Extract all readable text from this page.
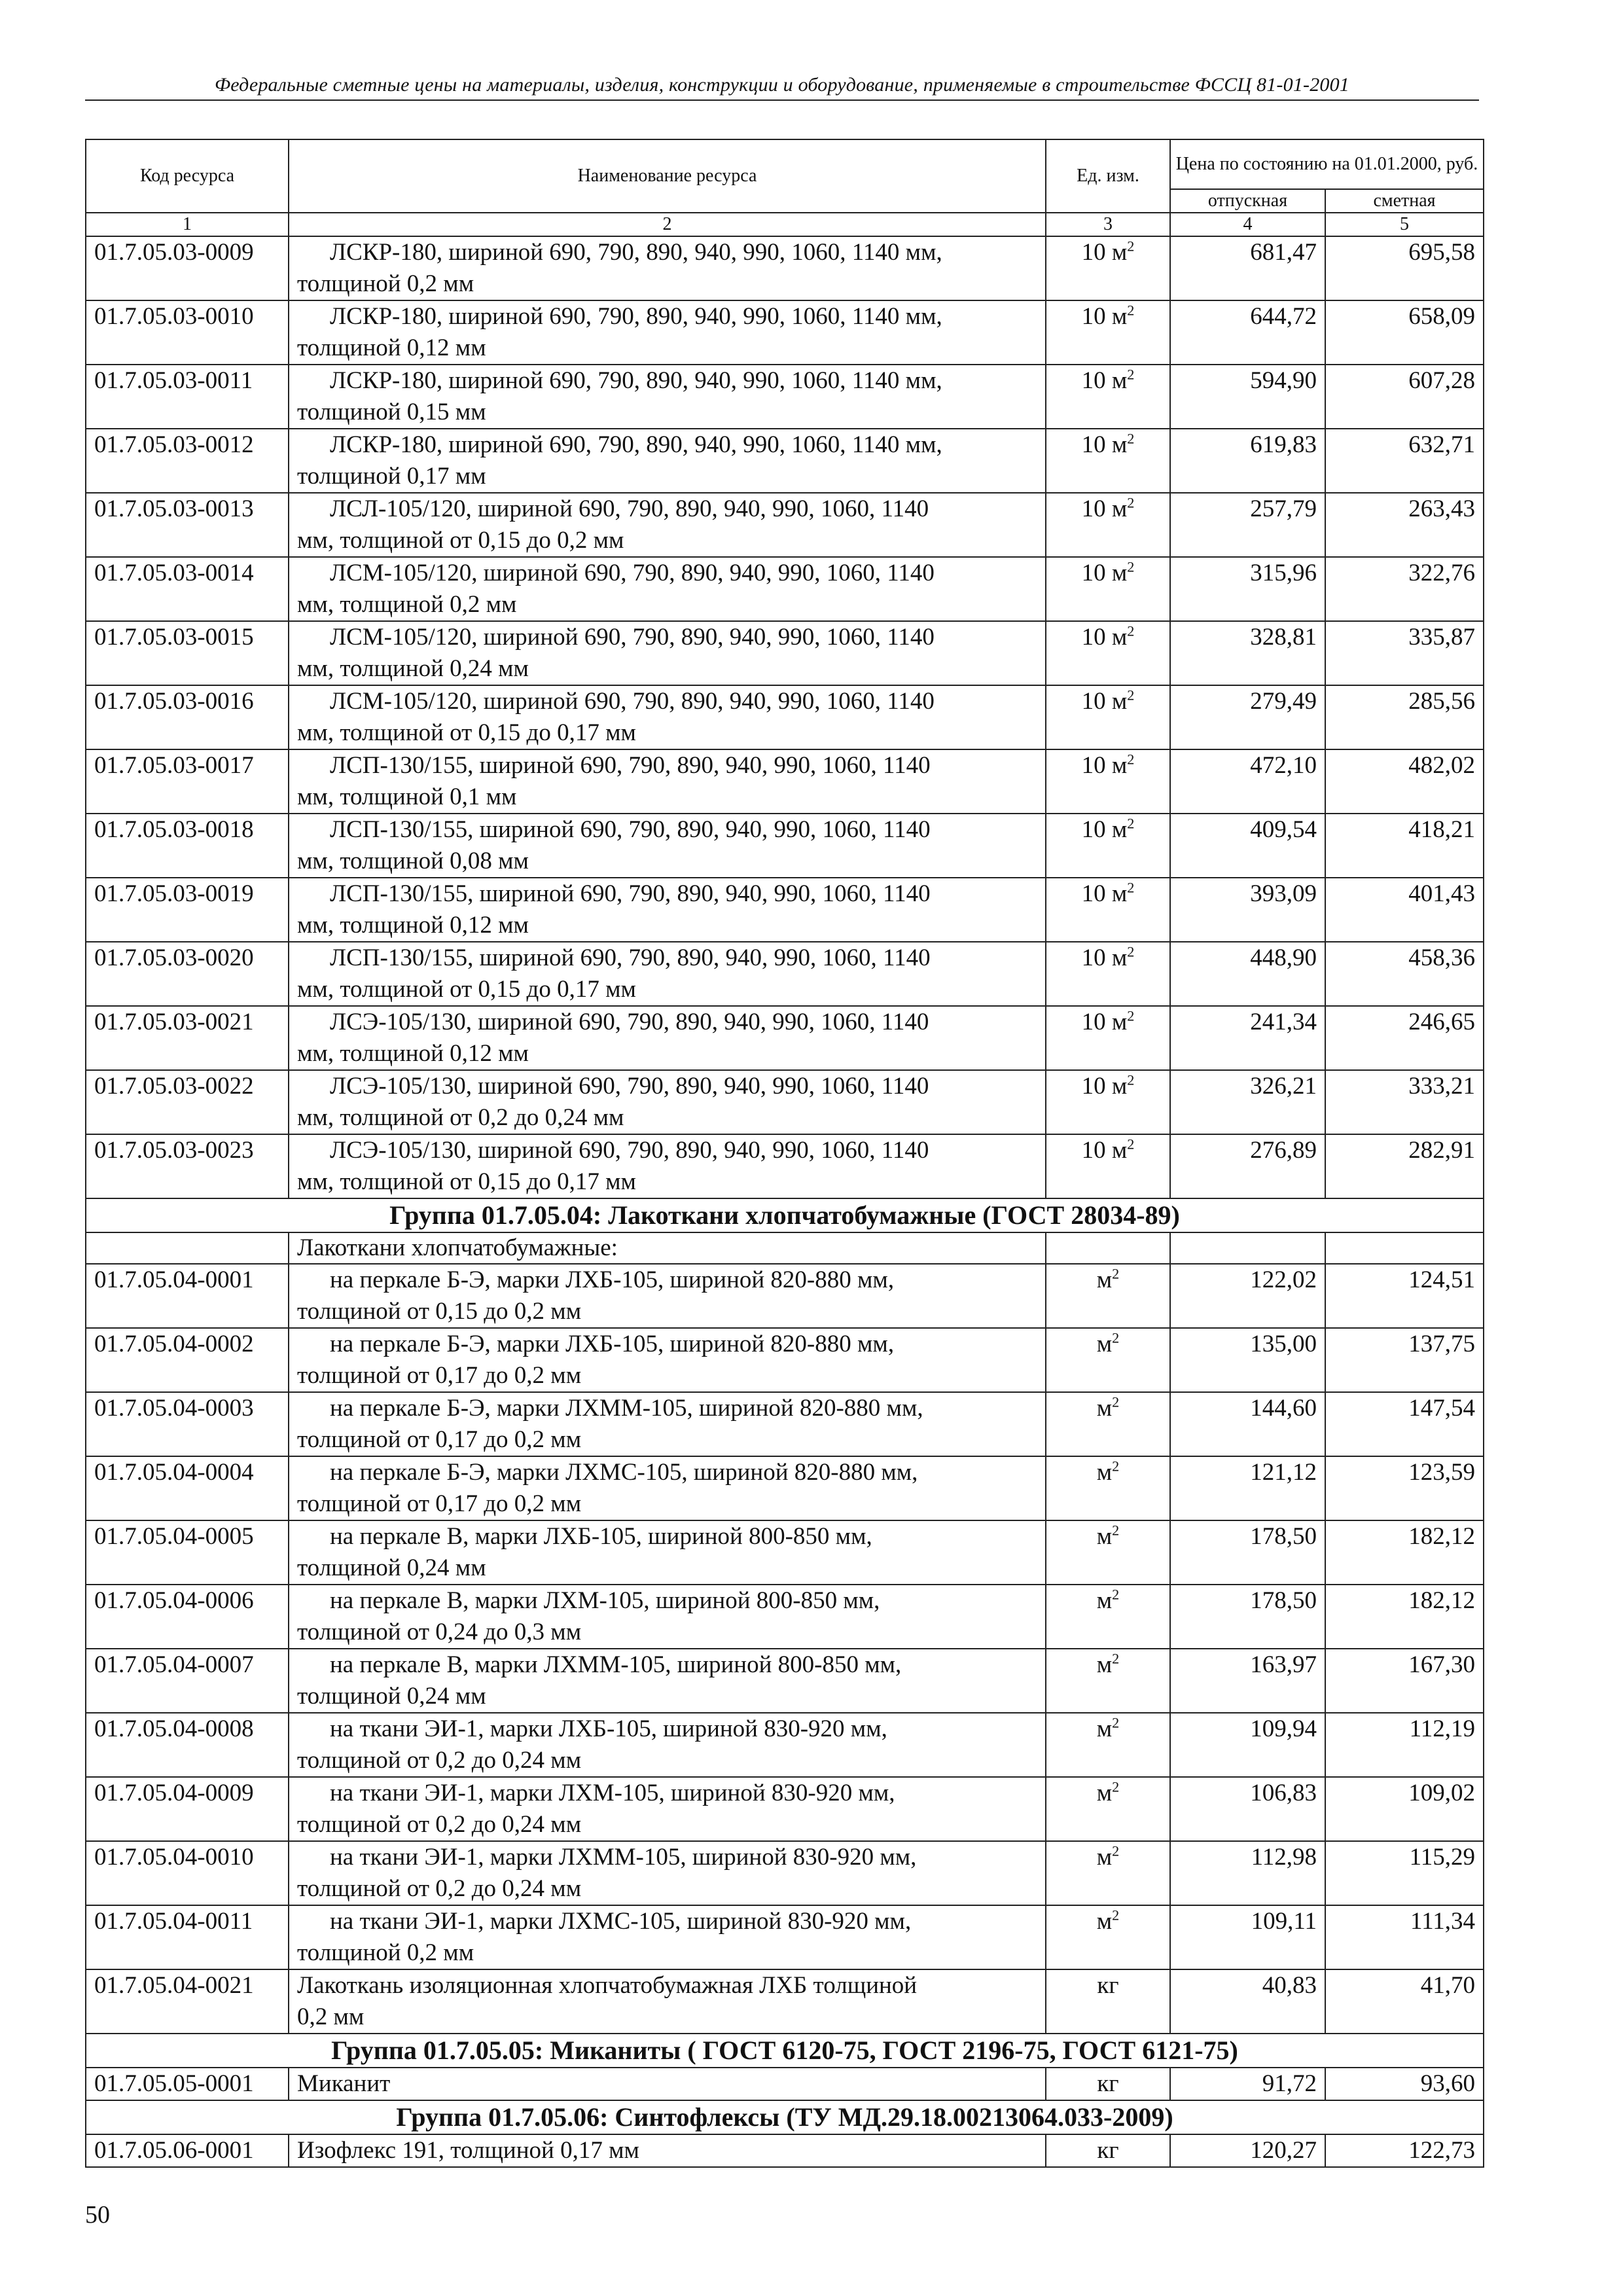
Федеральные сметные цены на материалы, изделия, конструкции и оборудование, применяемые в строительстве ФССЦ 81-01-2001
Код ресурса	Наименование ресурса	Ед. изм.	Цена по состоянию на 01.01.2000, руб.	
			отпускная	сметная
1	2	3	4	5
01.7.05.03-0009	ЛСКР-180, шириной 690, 790, 890, 940, 990, 1060, 1140 мм,
толщиной 0,2 мм	10 $м^2$	681,47	695,58
01.7.05.03-0010	ЛСКР-180, шириной 690, 790, 890, 940, 990, 1060, 1140 мм,
толщиной 0,12 мм	10 $м^2$	644,72	658,09
01.7.05.03-0011	ЛСКР-180, шириной 690, 790, 890, 940, 990, 1060, 1140 мм,
толщиной 0,15 мм	10 $м^2$	594,90	607,28
01.7.05.03-0012	ЛСКР-180, шириной 690, 790, 890, 940, 990, 1060, 1140 мм,
толщиной 0,17 мм	10 $м^2$	619,83	632,71
01.7.05.03-0013	ЛСЛ-105/120, шириной 690, 790, 890, 940, 990, 1060, 1140
мм, толщиной от 0,15 до 0,2 мм	10 $м^2$	257,79	263,43
01.7.05.03-0014	ЛСМ-105/120, шириной 690, 790, 890, 940, 990, 1060, 1140
мм, толщиной 0,2 мм	10 $м^2$	315,96	322,76
01.7.05.03-0015	ЛСМ-105/120, шириной 690, 790, 890, 940, 990, 1060, 1140
мм, толщиной 0,24 мм	10 $м^2$	328,81	335,87
01.7.05.03-0016	ЛСМ-105/120, шириной 690, 790, 890, 940, 990, 1060, 1140
мм, толщиной от 0,15 до 0,17 мм	10 $м^2$	279,49	285,56
01.7.05.03-0017	ЛСП-130/155, шириной 690, 790, 890, 940, 990, 1060, 1140
мм, толщиной 0,1 мм	10 $м^2$	472,10	482,02
01.7.05.03-0018	ЛСП-130/155, шириной 690, 790, 890, 940, 990, 1060, 1140
мм, толщиной 0,08 мм	10 $м^2$	409,54	418,21
01.7.05.03-0019	ЛСП-130/155, шириной 690, 790, 890, 940, 990, 1060, 1140
мм, толщиной 0,12 мм	10 $м^2$	393,09	401,43
01.7.05.03-0020	ЛСП-130/155, шириной 690, 790, 890, 940, 990, 1060, 1140
мм, толщиной от 0,15 до 0,17 мм	10 $м^2$	448,90	458,36
01.7.05.03-0021	ЛСЭ-105/130, шириной 690, 790, 890, 940, 990, 1060, 1140
мм, толщиной 0,12 мм	10 $м^2$	241,34	246,65
01.7.05.03-0022	ЛСЭ-105/130, шириной 690, 790, 890, 940, 990, 1060, 1140
мм, толщиной от 0,2 до 0,24 мм	10 $м^2$	326,21	333,21
01.7.05.03-0023	ЛСЭ-105/130, шириной 690, 790, 890, 940, 990, 1060, 1140
мм, толщиной от 0,15 до 0,17 мм	10 $м^2$	276,89	282,91
Группа 01.7.05.04: Лакоткани хлопчатобумажные (ГОСТ 28034-89)				
	Лакоткани хлопчатобумажные:			
01.7.05.04-0001	на перкале Б-Э, марки ЛХБ-105, шириной 820-880 мм,
толщиной от 0,15 до 0,2 мм	$м^2$	122,02	124,51
01.7.05.04-0002	на перкале Б-Э, марки ЛХБ-105, шириной 820-880 мм,
толщиной от 0,17 до 0,2 мм	$м^2$	135,00	137,75
01.7.05.04-0003	на перкале Б-Э, марки ЛХММ-105, шириной 820-880 мм,
толщиной от 0,17 до 0,2 мм	$м^2$	144,60	147,54
01.7.05.04-0004	на перкале Б-Э, марки ЛХМС-105, шириной 820-880 мм,
толщиной от 0,17 до 0,2 мм	$м^2$	121,12	123,59
01.7.05.04-0005	на перкале В, марки ЛХБ-105, шириной 800-850 мм,
толщиной 0,24 мм	$м^2$	178,50	182,12
01.7.05.04-0006	на перкале В, марки ЛХМ-105, шириной 800-850 мм,
толщиной от 0,24 до 0,3 мм	$м^2$	178,50	182,12
01.7.05.04-0007	на перкале В, марки ЛХММ-105, шириной 800-850 мм,
толщиной 0,24 мм	$м^2$	163,97	167,30
01.7.05.04-0008	на ткани ЭИ-1, марки ЛХБ-105, шириной 830-920 мм,
толщиной от 0,2 до 0,24 мм	$м^2$	109,94	112,19
01.7.05.04-0009	на ткани ЭИ-1, марки ЛХМ-105, шириной 830-920 мм,
толщиной от 0,2 до 0,24 мм	$м^2$	106,83	109,02
01.7.05.04-0010	на ткани ЭИ-1, марки ЛХММ-105, шириной 830-920 мм,
толщиной от 0,2 до 0,24 мм	$м^2$	112,98	115,29
01.7.05.04-0011	на ткани ЭИ-1, марки ЛХМС-105, шириной 830-920 мм,
толщиной 0,2 мм	$м^2$	109,11	111,34
01.7.05.04-0021	Лакоткань изоляционная хлопчатобумажная ЛХБ толщиной
0,2 мм	кг	40,83	41,70
Группа 01.7.05.05: Миканиты ( ГОСТ 6120-75, ГОСТ 2196-75, ГОСТ 6121-75)				
01.7.05.05-0001	Миканит	кг	91,72	93,60
Группа 01.7.05.06: Синтофлексы (ТУ МД.29.18.00213064.033-2009)				
01.7.05.06-0001	Изофлекс 191, толщиной 0,17 мм	кг	120,27	122,73
50
